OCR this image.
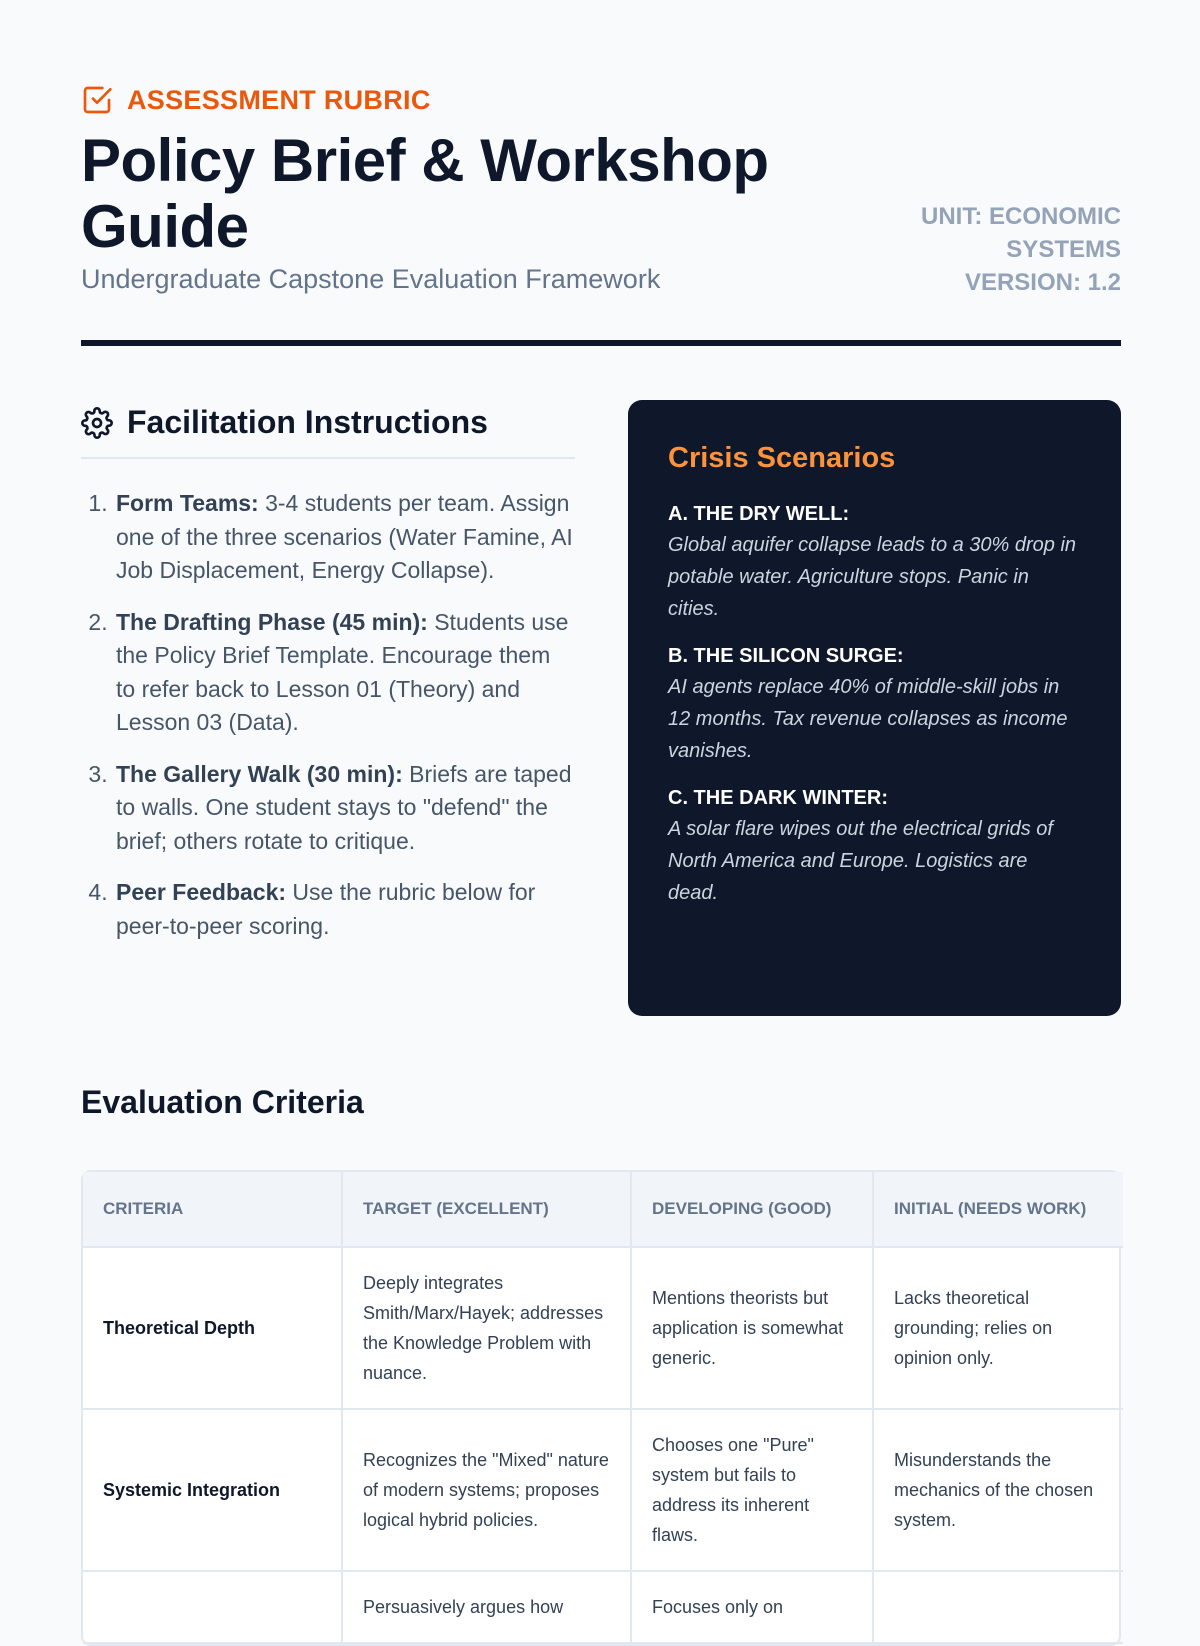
ASSESSMENT RUBRIC
Policy Brief & Workshop Guide
Undergraduate Capstone Evaluation Framework
UNIT: ECONOMIC SYSTEMS
VERSION: 1.2
Facilitation Instructions
1. Form Teams: 3-4 students per team. Assign one of the three scenarios (Water Famine, AI Job Displacement, Energy Collapse).
2. The Drafting Phase (45 min): Students use the Policy Brief Template. Encourage them to refer back to Lesson 01 (Theory) and Lesson 03 (Data).
3. The Gallery Walk (30 min): Briefs are taped to walls. One student stays to "defend" the brief; others rotate to critique.
4. Peer Feedback: Use the rubric below for peer-to-peer scoring.
Crisis Scenarios
A. THE DRY WELL:
Global aquifer collapse leads to a 30% drop in potable water. Agriculture stops. Panic in cities.
B. THE SILICON SURGE:
AI agents replace 40% of middle-skill jobs in 12 months. Tax revenue collapses as income vanishes.
C. THE DARK WINTER:
A solar flare wipes out the electrical grids of North America and Europe. Logistics are dead.
Evaluation Criteria
CRITERIA	TARGET (EXCELLENT)	DEVELOPING (GOOD)	INITIAL (NEEDS WORK)
Theoretical Depth	Deeply integrates Smith/Marx/Hayek; addresses the Knowledge Problem with nuance.	Mentions theorists but application is somewhat generic.	Lacks theoretical grounding; relies on opinion only.
Systemic Integration	Recognizes the "Mixed" nature of modern systems; proposes logical hybrid policies.	Chooses one "Pure" system but fails to address its inherent flaws.	Misunderstands the mechanics of the chosen system.
	Persuasively argues how	Focuses only on	
